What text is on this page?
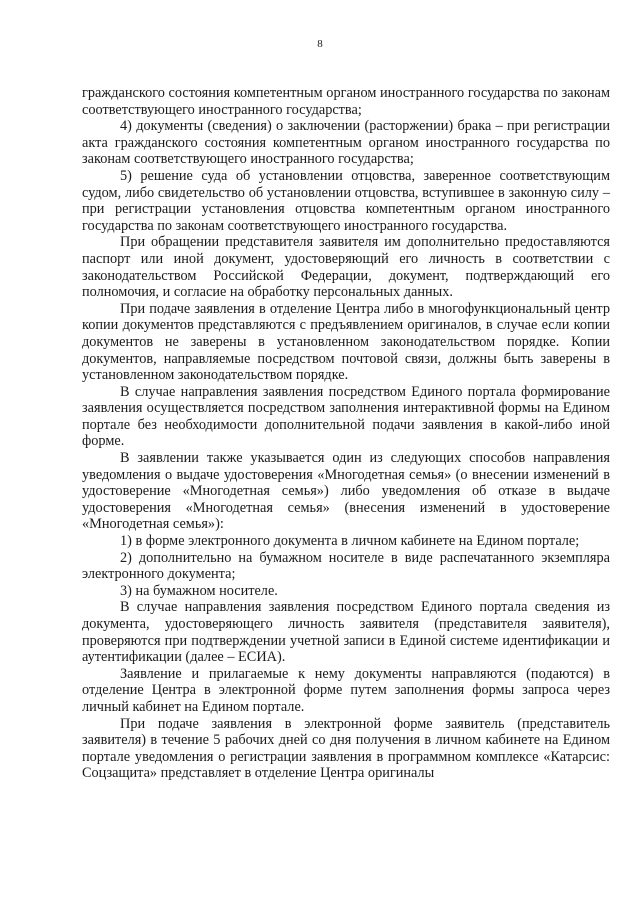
8

гражданского состояния компетентным органом иностранного государства по законам соответствующего иностранного государства;

4) документы (сведения) о заключении (расторжении) брака – при регистрации акта гражданского состояния компетентным органом иностранного государства по законам соответствующего иностранного государства;

5) решение суда об установлении отцовства, заверенное соответствующим судом, либо свидетельство об установлении отцовства, вступившее в законную силу – при регистрации установления отцовства компетентным органом иностранного государства по законам соответствующего иностранного государства.

При обращении представителя заявителя им дополнительно предоставляются паспорт или иной документ, удостоверяющий его личность в соответствии с законодательством Российской Федерации, документ, подтверждающий его полномочия, и согласие на обработку персональных данных.

При подаче заявления в отделение Центра либо в многофункциональный центр копии документов представляются с предъявлением оригиналов, в случае если копии документов не заверены в установленном законодательством порядке. Копии документов, направляемые посредством почтовой связи, должны быть заверены в установленном законодательством порядке.

В случае направления заявления посредством Единого портала формирование заявления осуществляется посредством заполнения интерактивной формы на Едином портале без необходимости дополнительной подачи заявления в какой-либо иной форме.

В заявлении также указывается один из следующих способов направления уведомления о выдаче удостоверения «Многодетная семья» (о внесении изменений в удостоверение «Многодетная семья») либо уведомления об отказе в выдаче удостоверения «Многодетная семья» (внесения изменений в удостоверение «Многодетная семья»):

1) в форме электронного документа в личном кабинете на Едином портале;

2) дополнительно на бумажном носителе в виде распечатанного экземпляра электронного документа;

3) на бумажном носителе.

В случае направления заявления посредством Единого портала сведения из документа, удостоверяющего личность заявителя (представителя заявителя), проверяются при подтверждении учетной записи в Единой системе идентификации и аутентификации (далее – ЕСИА).

Заявление и прилагаемые к нему документы направляются (подаются) в отделение Центра в электронной форме путем заполнения формы запроса через личный кабинет на Едином портале.

При подаче заявления в электронной форме заявитель (представитель заявителя) в течение 5 рабочих дней со дня получения в личном кабинете на Едином портале уведомления о регистрации заявления в программном комплексе «Катарсис: Соцзащита» представляет в отделение Центра оригиналы
